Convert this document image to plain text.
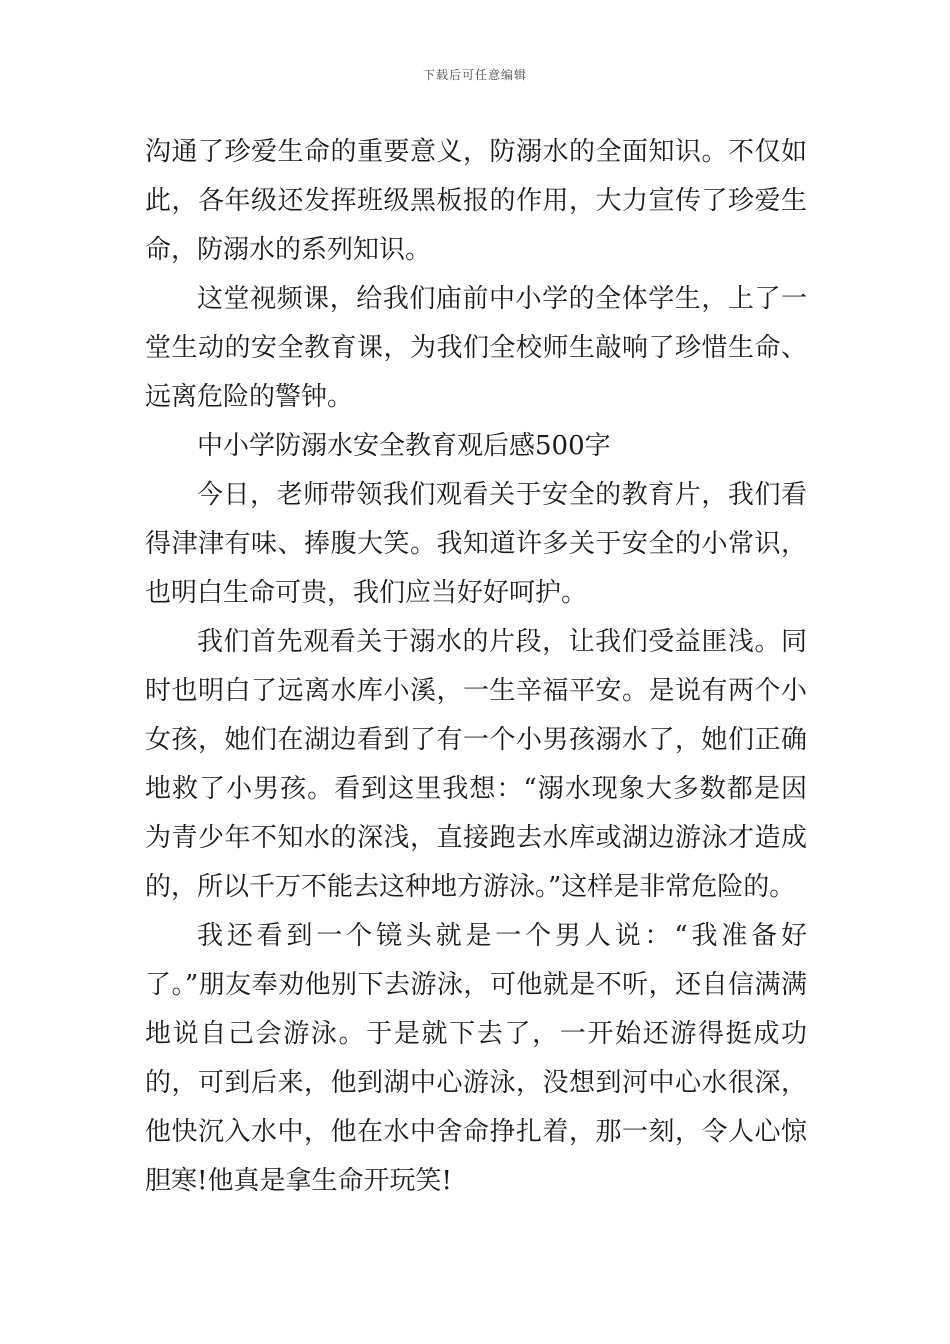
下载后可任意编辑

沟通了珍爱生命的重要意义，防溺水的全面知识。不仅如此，各年级还发挥班级黑板报的作用，大力宣传了珍爱生命，防溺水的系列知识。

这堂视频课，给我们庙前中小学的全体学生，上了一堂生动的安全教育课，为我们全校师生敲响了珍惜生命、远离危险的警钟。

中小学防溺水安全教育观后感500字

今日，老师带领我们观看关于安全的教育片，我们看得津津有味、捧腹大笑。我知道许多关于安全的小常识，也明白生命可贵，我们应当好好呵护。

我们首先观看关于溺水的片段，让我们受益匪浅。同时也明白了远离水库小溪，一生辛福平安。是说有两个小女孩，她们在湖边看到了有一个小男孩溺水了，她们正确地救了小男孩。看到这里我想：“溺水现象大多数都是因为青少年不知水的深浅，直接跑去水库或湖边游泳才造成的，所以千万不能去这种地方游泳。”这样是非常危险的。

我还看到一个镜头就是一个男人说：“我准备好了。”朋友奉劝他别下去游泳，可他就是不听，还自信满满地说自己会游泳。于是就下去了，一开始还游得挺成功的，可到后来，他到湖中心游泳，没想到河中心水很深，他快沉入水中，他在水中舍命挣扎着，那一刻，令人心惊胆寒!他真是拿生命开玩笑!
